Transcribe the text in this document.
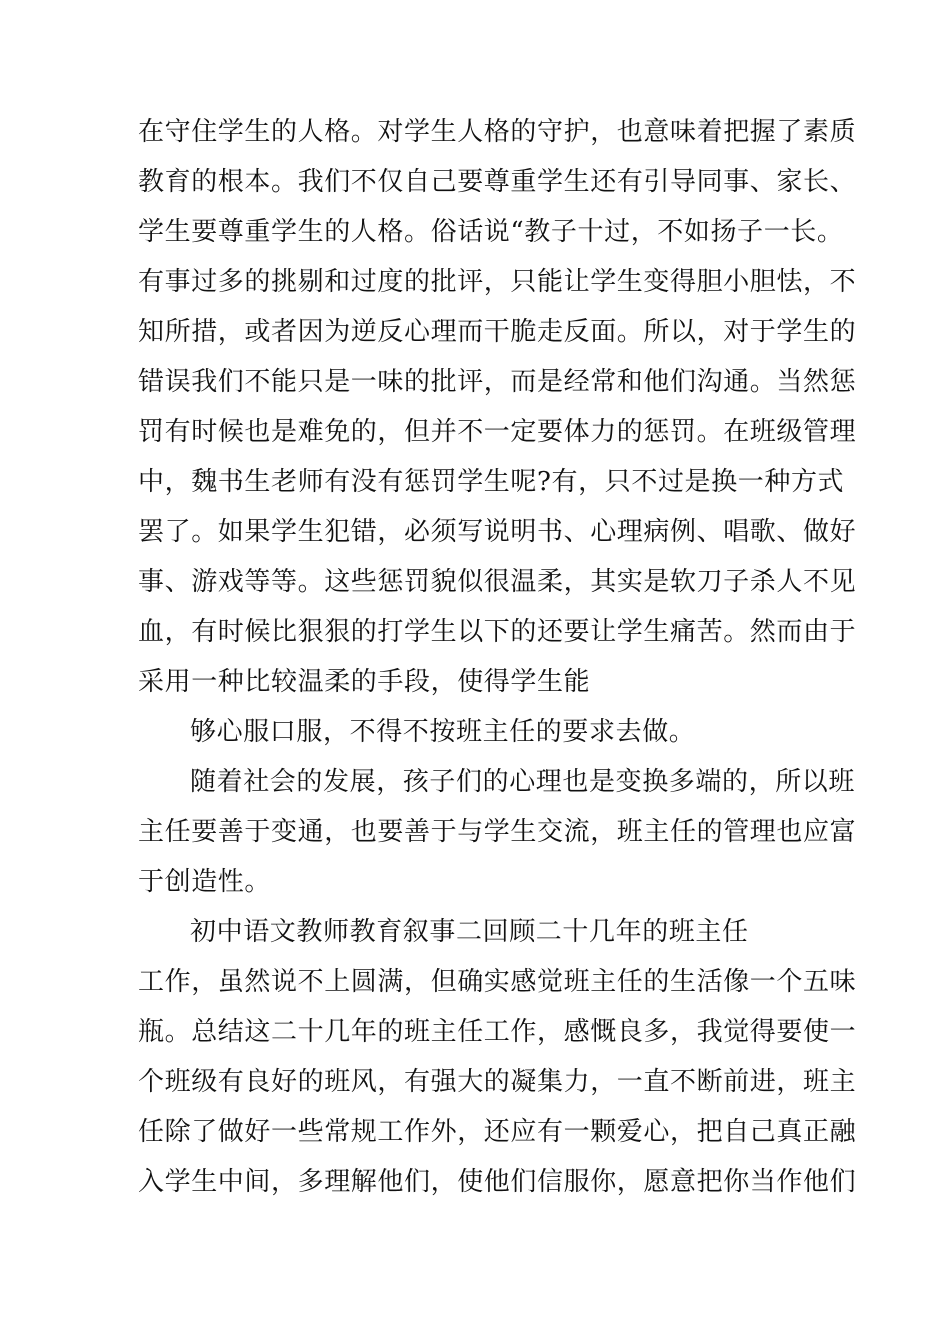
在守住学生的人格。对学生人格的守护，也意味着把握了素质
教育的根本。我们不仅自己要尊重学生还有引导同事、家长、
学生要尊重学生的人格。俗话说“教子十过，不如扬子一长。
有事过多的挑剔和过度的批评，只能让学生变得胆小胆怯，不
知所措，或者因为逆反心理而干脆走反面。所以，对于学生的
错误我们不能只是一味的批评，而是经常和他们沟通。当然惩
罚有时候也是难免的，但并不一定要体力的惩罚。在班级管理
中，魏书生老师有没有惩罚学生呢?有，只不过是换一种方式
罢了。如果学生犯错，必须写说明书、心理病例、唱歌、做好
事、游戏等等。这些惩罚貌似很温柔，其实是软刀子杀人不见
血，有时候比狠狠的打学生以下的还要让学生痛苦。然而由于
采用一种比较温柔的手段，使得学生能
够心服口服，不得不按班主任的要求去做。
随着社会的发展，孩子们的心理也是变换多端的，所以班
主任要善于变通，也要善于与学生交流，班主任的管理也应富
于创造性。
初中语文教师教育叙事二回顾二十几年的班主任
工作，虽然说不上圆满，但确实感觉班主任的生活像一个五味
瓶。总结这二十几年的班主任工作，感慨良多，我觉得要使一
个班级有良好的班风，有强大的凝集力，一直不断前进，班主
任除了做好一些常规工作外，还应有一颗爱心，把自己真正融
入学生中间，多理解他们，使他们信服你，愿意把你当作他们
